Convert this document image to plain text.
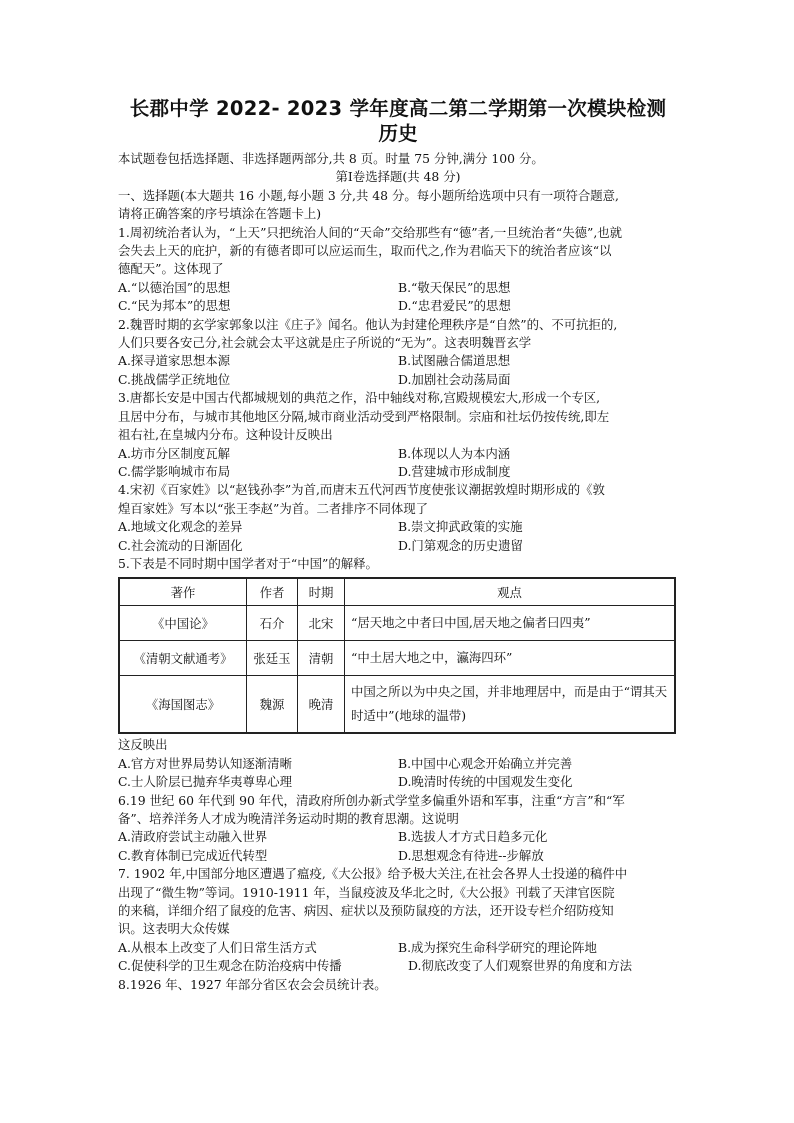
长郡中学 2022- 2023 学年度高二第二学期第一次模块检测

历史

本试题卷包括选择题、非选择题两部分,共 8 页。时量 75 分钟,满分 100 分。

第Ⅰ卷选择题(共 48 分)

一、选择题(本大题共 16 小题,每小题 3 分,共 48 分。每小题所给选项中只有一项符合题意,

请将正确答案的序号填涂在答题卡上)

1.周初统治者认为，“上天”只把统治人间的“天命”交给那些有“德”者,一旦统治者“失德”,也就

会失去上天的庇护，新的有德者即可以应运而生，取而代之,作为君临天下的统治者应该“以

德配天”。这体现了

A.“以德治国”的思想	B.“敬天保民”的思想
C.“民为邦本”的思想	D.“忠君爱民”的思想

2.魏晋时期的玄学家郭象以注《庄子》闻名。他认为封建伦理秩序是“自然”的、不可抗拒的,

人们只要各安己分,社会就会太平这就是庄子所说的“无为”。这表明魏晋玄学

A.探寻道家思想本源	B.试图融合儒道思想
C.挑战儒学正统地位	D.加剧社会动荡局面

3.唐都长安是中国古代都城规划的典范之作，沿中轴线对称,宫殿规模宏大,形成一个专区,

且居中分布，与城市其他地区分隔,城市商业活动受到严格限制。宗庙和社坛仍按传统,即左

祖右社,在皇城内分布。这种设计反映出

A.坊市分区制度瓦解	B.体现以人为本内涵
C.儒学影响城市布局	D.营建城市形成制度

4.宋初《百家姓》以“赵钱孙李”为首,而唐末五代河西节度使张议潮据敦煌时期形成的《敦

煌百家姓》写本以“张王李赵”为首。二者排序不同体现了

A.地域文化观念的差异	B.崇文抑武政策的实施
C.社会流动的日渐固化	D.门第观念的历史遗留

5.下表是不同时期中国学者对于“中国”的解释。

著作	作者	时期	观点
《中国论》	石介	北宋	“居天地之中者曰中国,居天地之偏者曰四夷”
《清朝文献通考》	张廷玉	清朝	“中土居大地之中，瀛海四环”
《海国图志》	魏源	晚清	中国之所以为中央之国，并非地理居中，而是由于“谓其天时适中”(地球的温带)

这反映出

A.官方对世界局势认知逐渐清晰	B.中国中心观念开始确立并完善
C.士人阶层已抛弃华夷尊卑心理	D.晚清时传统的中国观发生变化

6.19 世纪 60 年代到 90 年代，清政府所创办新式学堂多偏重外语和军事，注重“方言”和“军

备”、培养洋务人才成为晚清洋务运动时期的教育思潮。这说明

A.清政府尝试主动融入世界	B.选拔人才方式日趋多元化
C.教育体制已完成近代转型	D.思想观念有待进--步解放

7. 1902 年,中国部分地区遭遇了瘟疫,《大公报》给予极大关注,在社会各界人士投递的稿件中

出现了“微生物”等词。1910-1911 年，当鼠疫波及华北之时,《大公报》刊载了天津官医院

的来稿，详细介绍了鼠疫的危害、病因、症状以及预防鼠疫的方法，还开设专栏介绍防疫知

识。这表明大众传媒

A.从根本上改变了人们日常生活方式	B.成为探究生命科学研究的理论阵地
C.促使科学的卫生观念在防治疫病中传播	D.彻底改变了人们观察世界的角度和方法

8.1926 年、1927 年部分省区农会会员统计表。
